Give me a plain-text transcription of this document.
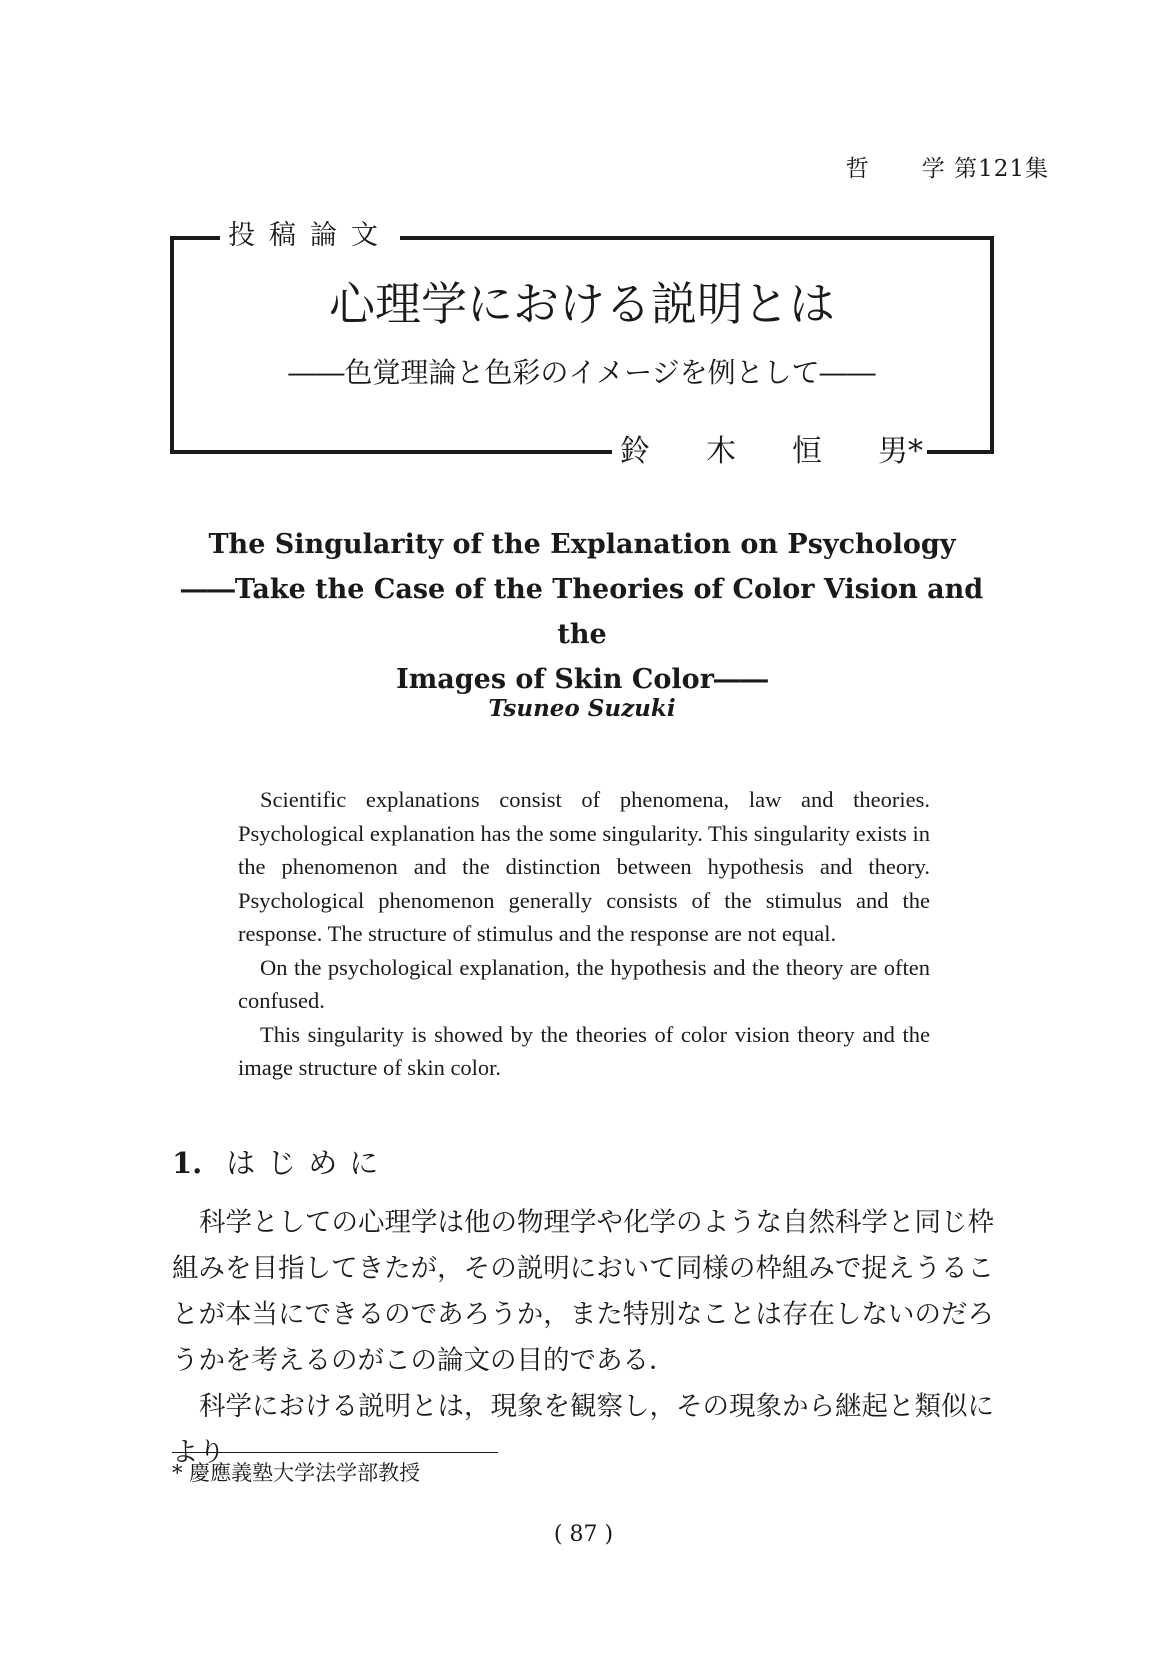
哲 学 第121集
投稿論文
心理学における説明とは
――色覚理論と色彩のイメージを例として――
鈴 木 恒 男*
The Singularity of the Explanation on Psychology
――Take the Case of the Theories of Color Vision and the
Images of Skin Color――
Tsuneo Suzuki

Scientific explanations consist of phenomena, law and theories. Psychological explanation has the some singularity. This singularity exists in the phenomenon and the distinction between hypothesis and theory. Psychological phenomenon generally consists of the stimulus and the response. The structure of stimulus and the response are not equal.

On the psychological explanation, the hypothesis and the theory are often confused.

This singularity is showed by the theories of color vision theory and the image structure of skin color.

1. はじめに

科学としての心理学は他の物理学や化学のような自然科学と同じ枠組みを目指してきたが，その説明において同様の枠組みで捉えうることが本当にできるのであろうか，また特別なことは存在しないのだろうかを考えるのがこの論文の目的である．

科学における説明とは，現象を観察し，その現象から継起と類似により

* 慶應義塾大学法学部教授
( 87 )
